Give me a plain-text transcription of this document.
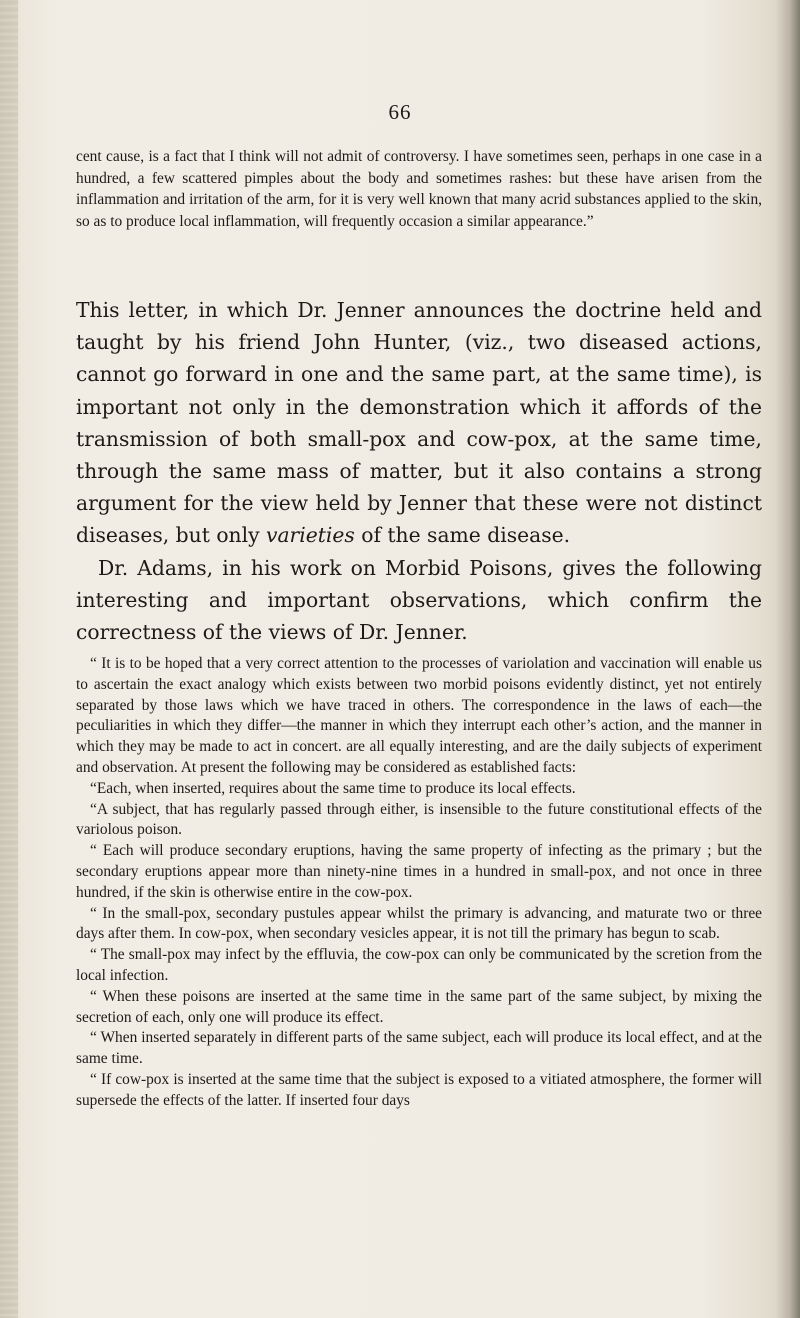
66

cent cause, is a fact that I think will not admit of controversy. I have sometimes seen, perhaps in one case in a hundred, a few scattered pimples about the body and sometimes rashes: but these have arisen from the inflammation and irritation of the arm, for it is very well known that many acrid substances applied to the skin, so as to produce local inflammation, will frequently occasion a similar appearance.”

This letter, in which Dr. Jenner announces the doctrine held and taught by his friend John Hunter, (viz., two diseased actions, cannot go forward in one and the same part, at the same time), is important not only in the demonstration which it affords of the transmission of both small-pox and cow-pox, at the same time, through the same mass of matter, but it also contains a strong argument for the view held by Jenner that these were not distinct diseases, but only varieties of the same disease.

Dr. Adams, in his work on Morbid Poisons, gives the following interesting and important observations, which confirm the correctness of the views of Dr. Jenner.

“ It is to be hoped that a very correct attention to the processes of variolation and vaccination will enable us to ascertain the exact analogy which exists between two morbid poisons evidently distinct, yet not entirely separated by those laws which we have traced in others. The correspondence in the laws of each—the peculiarities in which they differ—the manner in which they interrupt each other’s action, and the manner in which they may be made to act in concert. are all equally interesting, and are the daily subjects of experiment and observation. At present the following may be considered as established facts:

“Each, when inserted, requires about the same time to produce its local effects.

“A subject, that has regularly passed through either, is insensible to the future constitutional effects of the variolous poison.

“ Each will produce secondary eruptions, having the same property of infecting as the primary ; but the secondary eruptions appear more than ninety-nine times in a hundred in small-pox, and not once in three hundred, if the skin is otherwise entire in the cow-pox.

“ In the small-pox, secondary pustules appear whilst the primary is advancing, and maturate two or three days after them. In cow-pox, when secondary vesicles appear, it is not till the primary has begun to scab.

“ The small-pox may infect by the effluvia, the cow-pox can only be communicated by the scretion from the local infection.

“ When these poisons are inserted at the same time in the same part of the same subject, by mixing the secretion of each, only one will produce its effect.

“ When inserted separately in different parts of the same subject, each will produce its local effect, and at the same time.

“ If cow-pox is inserted at the same time that the subject is exposed to a vitiated atmosphere, the former will supersede the effects of the latter. If inserted four days
